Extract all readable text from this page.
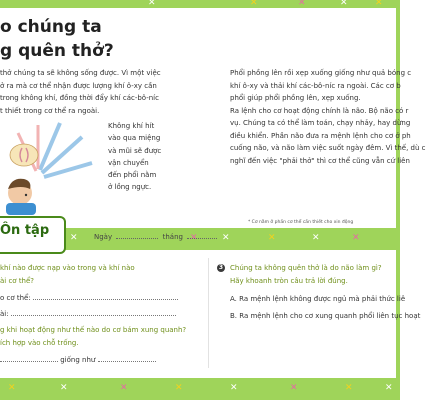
✕	✕	✕	✕	✕
o chúng ta
g quên thở?
thở chúng ta sẽ không sống được. Vì một việc
ở ra mà cơ thể nhận được lượng khí ô-xy cần
trong không khí, đồng thời đẩy khí các-bô-níc
t thiết trong cơ thể ra ngoài.
Không khí hít
vào qua miệng
và mũi sẽ được
vận chuyển
đến phổi nằm
ở lồng ngực.
Phổi phồng lên rồi xẹp xuống giống như quả bóng c
khí ô-xy và thải khí các-bô-níc ra ngoài. Các cơ b
phổi giúp phổi phồng lên, xẹp xuống.
Ra lệnh cho cơ hoạt động chính là não. Bộ não có r
vụ. Chúng ta có thể làm toán, chạy nhảy, hay dừng
điều khiển. Phần não đưa ra mệnh lệnh cho cơ ở ph
cuống não, và não làm việc suốt ngày đêm. Vì thế, dù c
nghĩ đến việc "phải thở" thì cơ thể cũng vẫn cứ liên
* Cơ nằm ở phần cơ thể cần thiết cho xin động
✕	✕	✕	✕	✕	✕
Ôn tập	Ngày	tháng
khí nào được nạp vào trong và khí nào
ài cơ thể?
o cơ thể:
ài:
g khi hoạt động như thế nào do cơ bám xung quanh?
ích hợp vào chỗ trống.
giống như
3 Chúng ta không quên thở là do não làm gì?
Hãy khoanh tròn câu trả lời đúng.
A. Ra mệnh lệnh không được ngủ mà phải thức liê
B. Ra mệnh lệnh cho cơ xung quanh phổi liên tục hoạt
✕	✕	✕	✕	✕	✕	✕	✕
